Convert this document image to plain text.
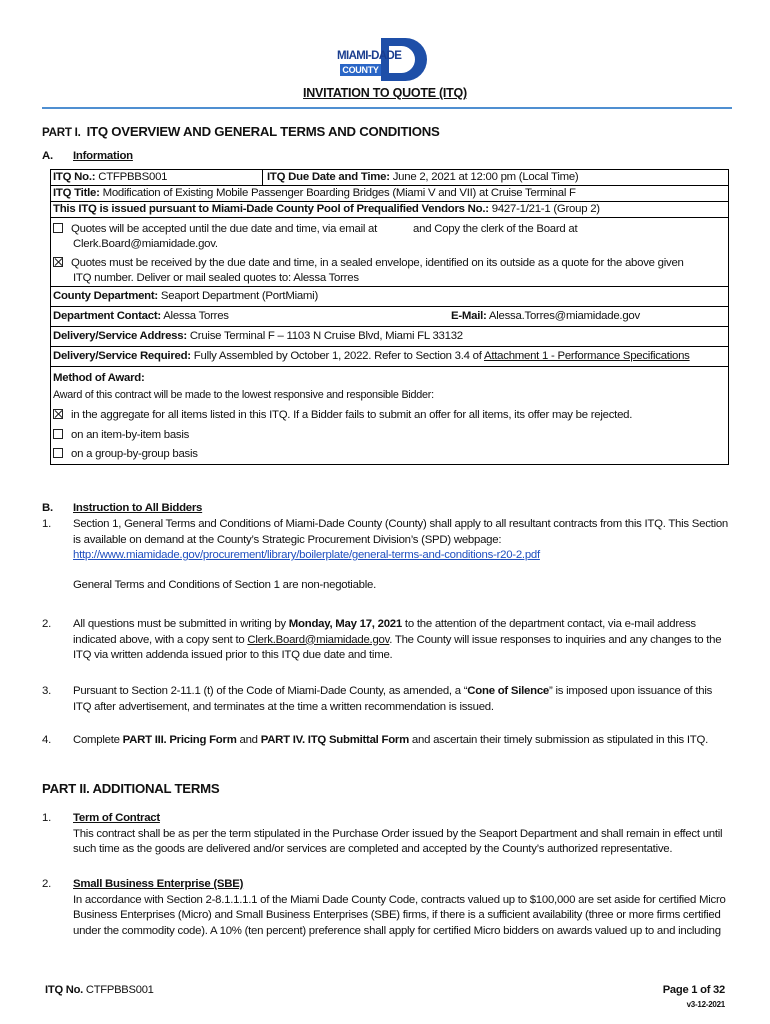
MIAMI-DADE
COUNTY
INVITATION TO QUOTE (ITQ)
PART I. ITQ OVERVIEW AND GENERAL TERMS AND CONDITIONS
A. Information
ITQ No.: CTFPBBS001	ITQ Due Date and Time: June 2, 2021 at 12:00 pm (Local Time)
ITQ Title: Modification of Existing Mobile Passenger Boarding Bridges (Miami V and VII) at Cruise Terminal F
This ITQ is issued pursuant to Miami-Dade County Pool of Prequalified Vendors No.: 9427-1/21-1 (Group 2)
Quotes will be accepted until the due date and time, via email at	and Copy the clerk of the Board at
Clerk.Board@miamidade.gov.
Quotes must be received by the due date and time, in a sealed envelope, identified on its outside as a quote for the above given
ITQ number. Deliver or mail sealed quotes to: Alessa Torres
County Department: Seaport Department (PortMiami)
Department Contact: Alessa Torres	E-Mail: Alessa.Torres@miamidade.gov
Delivery/Service Address: Cruise Terminal F – 1103 N Cruise Blvd, Miami FL 33132
Delivery/Service Required: Fully Assembled by October 1, 2022. Refer to Section 3.4 of Attachment 1 - Performance Specifications
Method of Award:
Award of this contract will be made to the lowest responsive and responsible Bidder:
in the aggregate for all items listed in this ITQ. If a Bidder fails to submit an offer for all items, its offer may be rejected.
on an item-by-item basis
on a group-by-group basis
B. Instruction to All Bidders
1.	Section 1, General Terms and Conditions of Miami-Dade County (County) shall apply to all resultant contracts from this ITQ. This Section is available on demand at the County’s Strategic Procurement Division’s (SPD) webpage:
http://www.miamidade.gov/procurement/library/boilerplate/general-terms-and-conditions-r20-2.pdf
General Terms and Conditions of Section 1 are non-negotiable.
2.	All questions must be submitted in writing by Monday, May 17, 2021 to the attention of the department contact, via e-mail address indicated above, with a copy sent to Clerk.Board@miamidade.gov. The County will issue responses to inquiries and any changes to the ITQ via written addenda issued prior to this ITQ due date and time.
3.	Pursuant to Section 2-11.1 (t) of the Code of Miami-Dade County, as amended, a “Cone of Silence” is imposed upon issuance of this ITQ after advertisement, and terminates at the time a written recommendation is issued.
4.	Complete PART III. Pricing Form and PART IV. ITQ Submittal Form and ascertain their timely submission as stipulated in this ITQ.
PART II. ADDITIONAL TERMS
1.	Term of Contract
This contract shall be as per the term stipulated in the Purchase Order issued by the Seaport Department and shall remain in effect until such time as the goods are delivered and/or services are completed and accepted by the County’s authorized representative.
2.	Small Business Enterprise (SBE)
In accordance with Section 2-8.1.1.1.1 of the Miami Dade County Code, contracts valued up to $100,000 are set aside for certified Micro Business Enterprises (Micro) and Small Business Enterprises (SBE) firms, if there is a sufficient availability (three or more firms certified under the commodity code). A 10% (ten percent) preference shall apply for certified Micro bidders on awards valued up to and including
ITQ No. CTFPBBS001	Page 1 of 32
v3-12-2021
